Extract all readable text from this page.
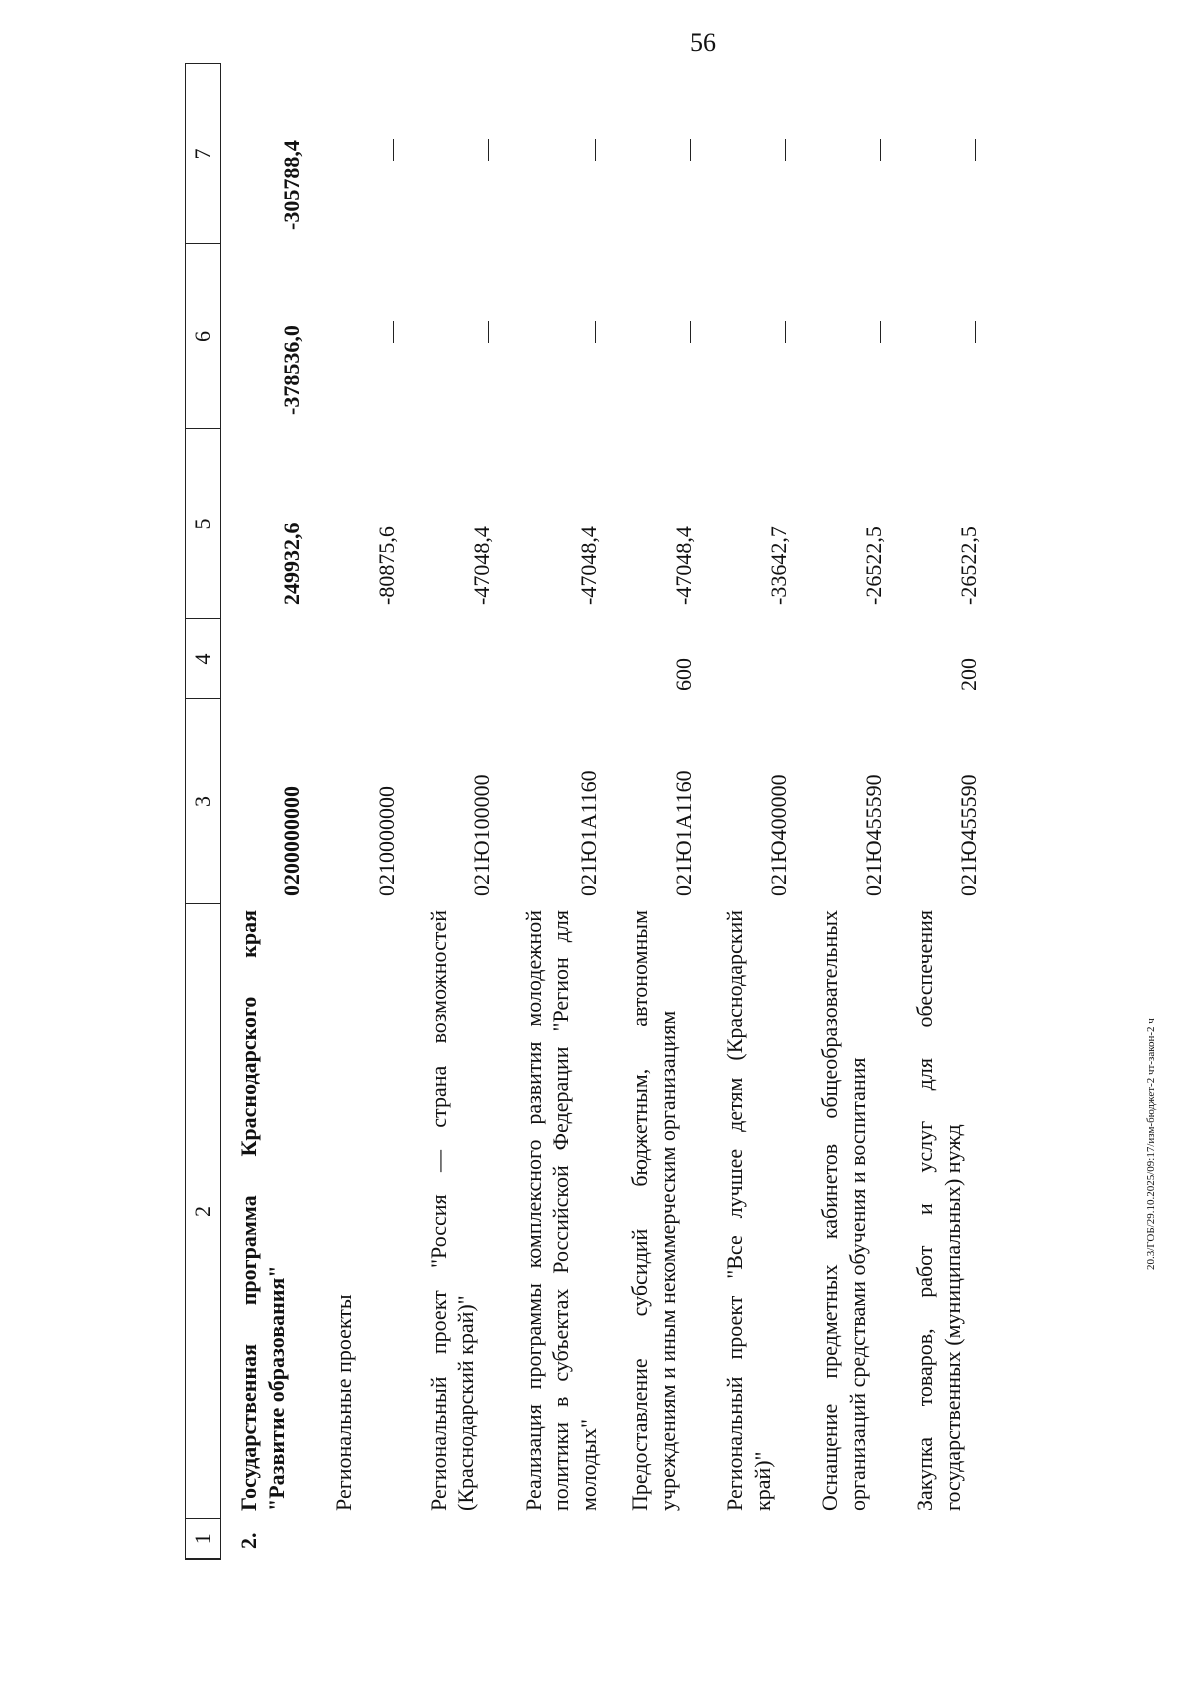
56
1	2	3	4	5	6	7
2.	Государственная программа Краснодарского края "Развитие образования"	0200000000		249932,6	-378536,0	-305788,4
	Региональные проекты	0210000000		-80875,6		
	Региональный проект "Россия — страна возможностей (Краснодарский край)"	021Ю100000		-47048,4		
	Реализация программы комплексного развития молодежной политики в субъектах Российской Федерации "Регион для молодых"	021Ю1А1160		-47048,4		
	Предоставление субсидий бюджетным, автономным учреждениям и иным некоммерческим организациям	021Ю1А1160	600	-47048,4		
	Региональный проект "Все лучшее детям (Краснодарский край)"	021Ю400000		-33642,7		
	Оснащение предметных кабинетов общеобразовательных организаций средствами обучения и воспитания	021Ю455590		-26522,5		
	Закупка товаров, работ и услуг для обеспечения государственных (муниципальных) нужд	021Ю455590	200	-26522,5		
20.3/ГОБ/29.10.2025/09:17/изм-бюджет-2 чт-закон-2 ч
